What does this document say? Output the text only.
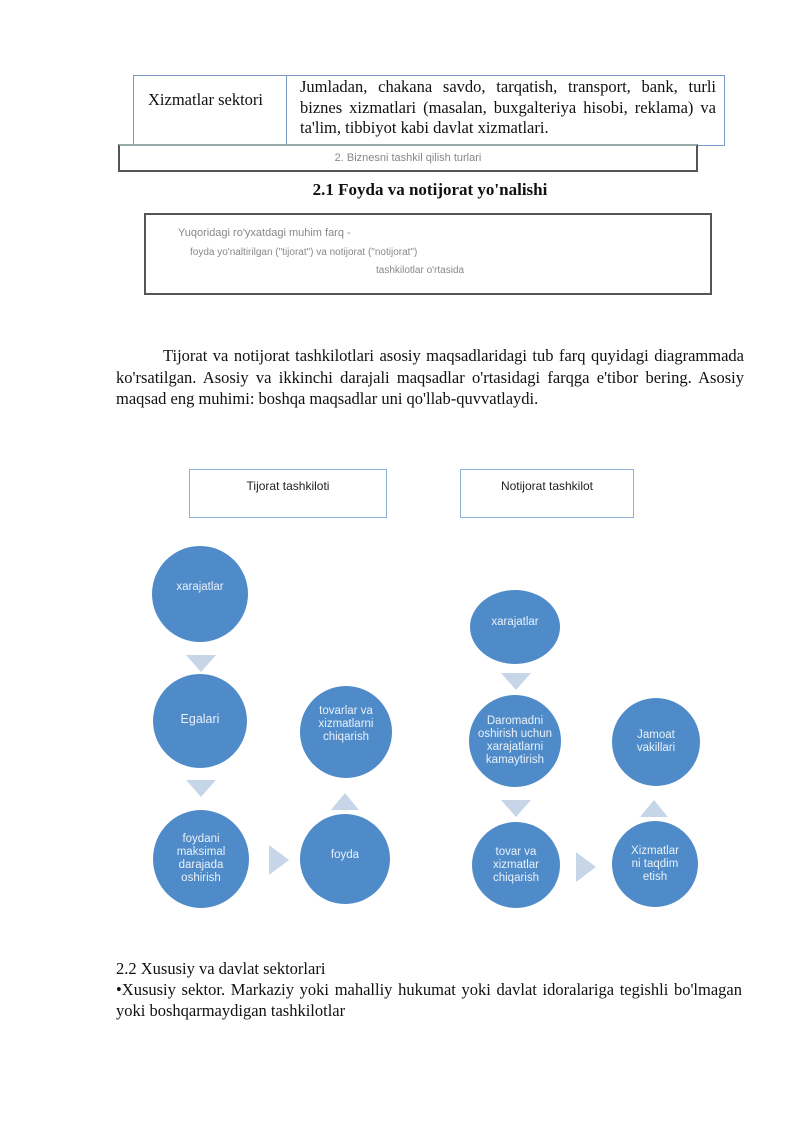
Xizmatlar sektori

Jumladan, chakana savdo, tarqatish, transport, bank, turli biznes xizmatlari (masalan, buxgalteriya hisobi, reklama) va ta'lim, tibbiyot kabi davlat xizmatlari.

2. Biznesni tashkil qilish turlari
2.1 Foyda va notijorat yo'nalishi
Yuqoridagi ro'yxatdagi muhim farq -
foyda yo'naltirilgan ("tijorat") va notijorat ("notijorat")
tashkilotlar o'rtasida

Tijorat va notijorat tashkilotlari asosiy maqsadlaridagi tub farq quyidagi diagrammada ko'rsatilgan. Asosiy va ikkinchi darajali maqsadlar o'rtasidagi farqga e'tibor bering. Asosiy maqsad eng muhimi: boshqa maqsadlar uni qo'llab-quvvatlaydi.

Tijorat tashkiloti	Notijorat tashkilot
xarajatlar
Egalari
foydani maksimal darajada oshirish
foyda
tovarlar va xizmatlarni chiqarish
xarajatlar
Daromadni oshirish uchun xarajatlarni kamaytirish
tovar va xizmatlar chiqarish
Xizmatlar ni taqdim etish
Jamoat vakillari
2.2 Xususiy va davlat sektorlari

•Xususiy sektor. Markaziy yoki mahalliy hukumat yoki davlat idoralariga tegishli bo'lmagan yoki boshqarmaydigan tashkilotlar
